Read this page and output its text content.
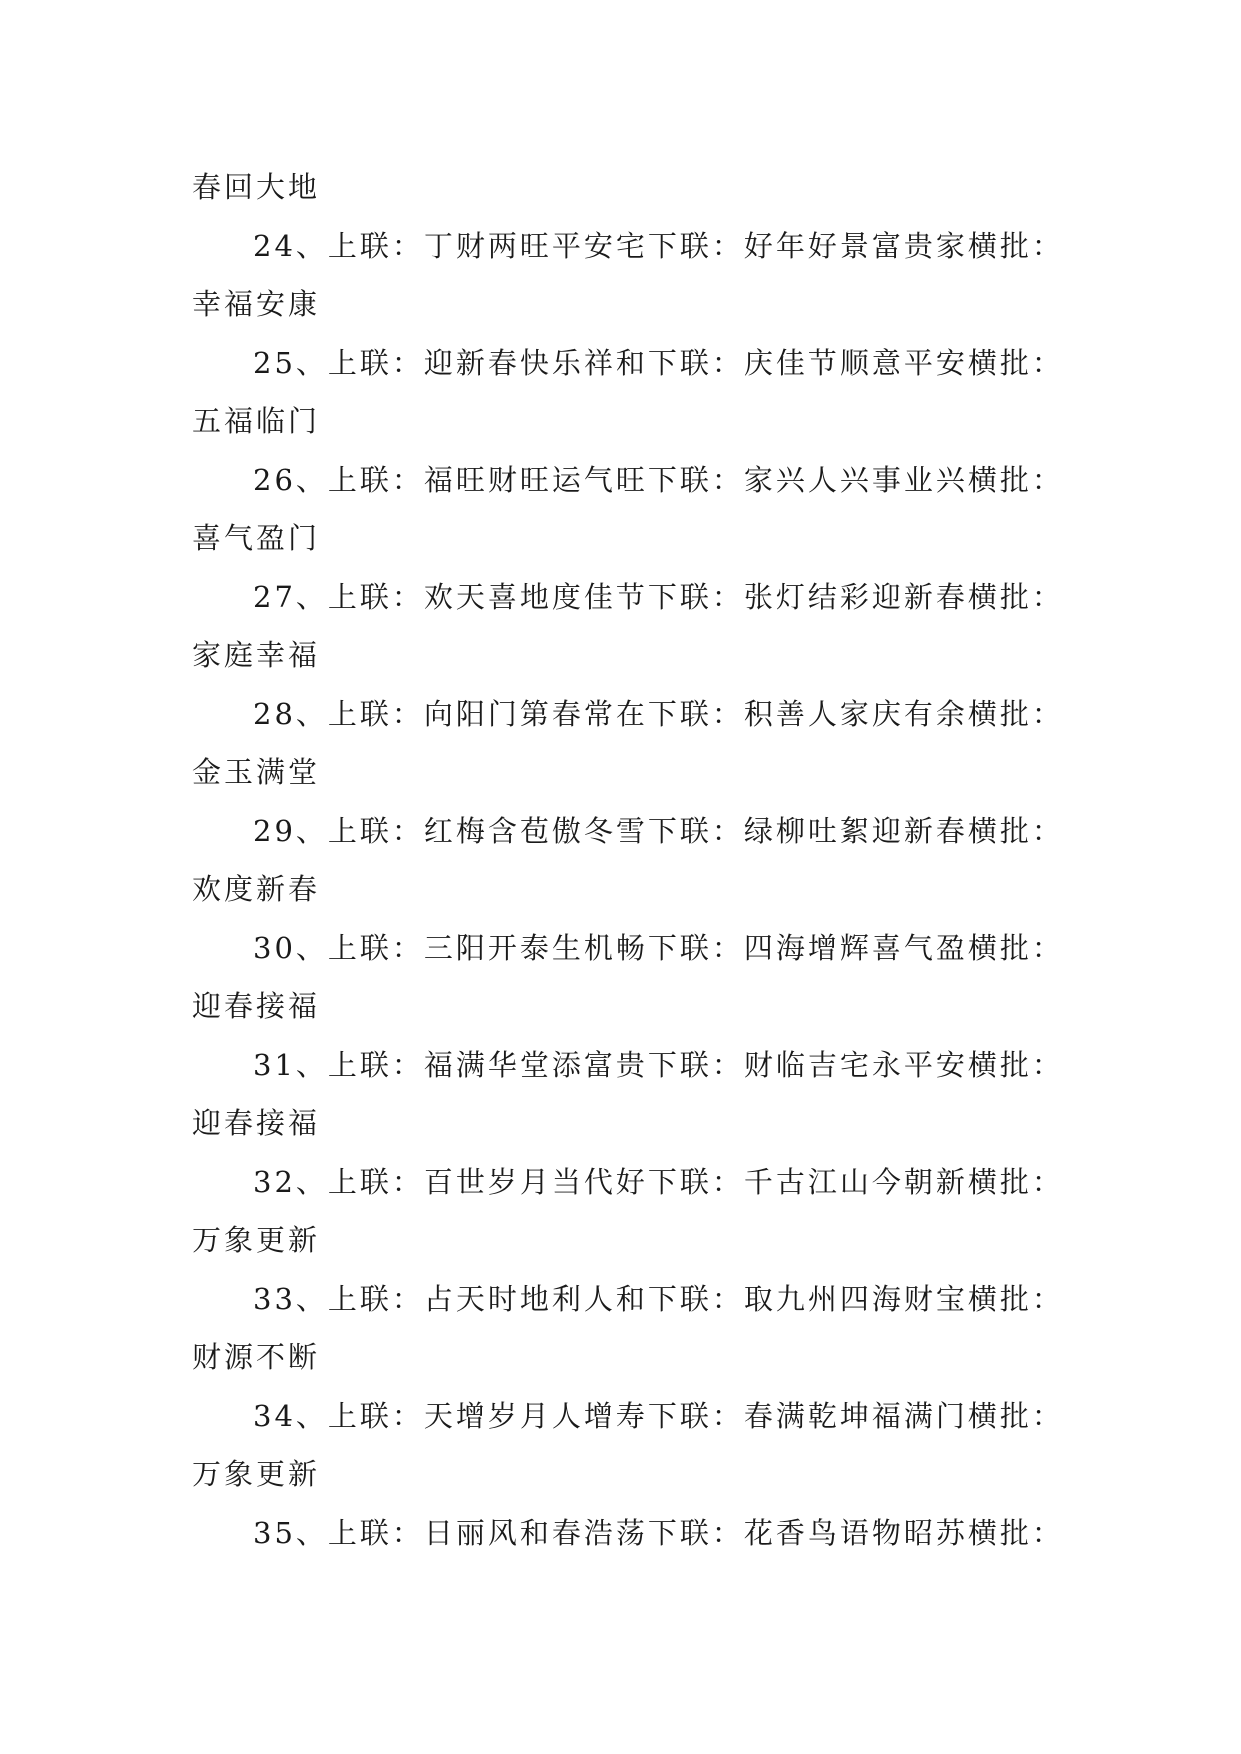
春回大地
24、上联：丁财两旺平安宅下联：好年好景富贵家横批：
幸福安康
25、上联：迎新春快乐祥和下联：庆佳节顺意平安横批：
五福临门
26、上联：福旺财旺运气旺下联：家兴人兴事业兴横批：
喜气盈门
27、上联：欢天喜地度佳节下联：张灯结彩迎新春横批：
家庭幸福
28、上联：向阳门第春常在下联：积善人家庆有余横批：
金玉满堂
29、上联：红梅含苞傲冬雪下联：绿柳吐絮迎新春横批：
欢度新春
30、上联：三阳开泰生机畅下联：四海增辉喜气盈横批：
迎春接福
31、上联：福满华堂添富贵下联：财临吉宅永平安横批：
迎春接福
32、上联：百世岁月当代好下联：千古江山今朝新横批：
万象更新
33、上联：占天时地利人和下联：取九州四海财宝横批：
财源不断
34、上联：天增岁月人增寿下联：春满乾坤福满门横批：
万象更新
35、上联：日丽风和春浩荡下联：花香鸟语物昭苏横批：
